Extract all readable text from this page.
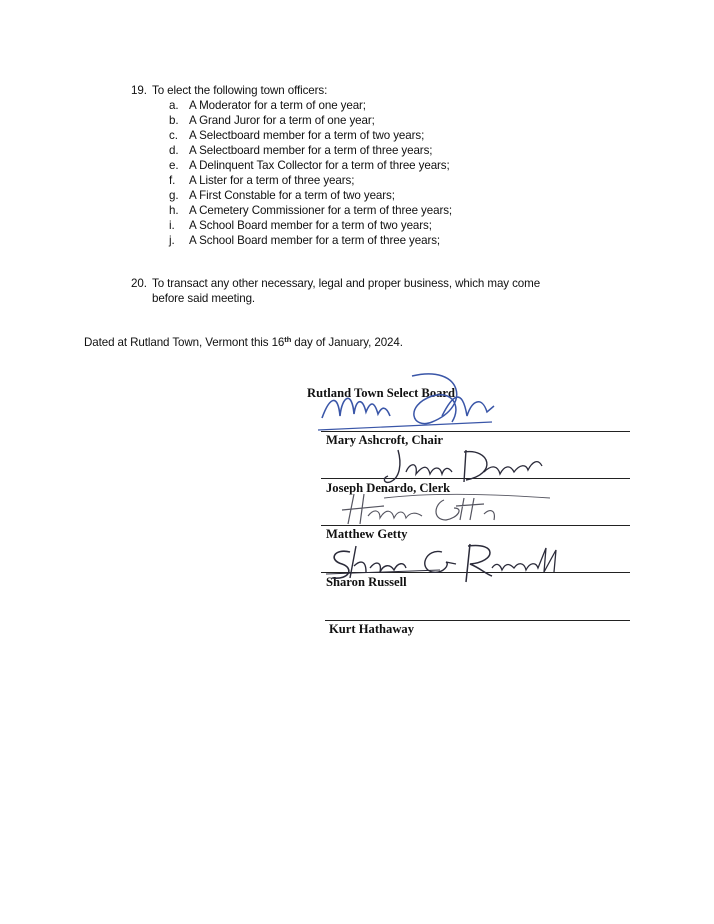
19. To elect the following town officers:
a. A Moderator for a term of one year;
b. A Grand Juror for a term of one year;
c. A Selectboard member for a term of two years;
d. A Selectboard member for a term of three years;
e. A Delinquent Tax Collector for a term of three years;
f. A Lister for a term of three years;
g. A First Constable for a term of two years;
h. A Cemetery Commissioner for a term of three years;
i. A School Board member for a term of two years;
j. A School Board member for a term of three years;
20. To transact any other necessary, legal and proper business, which may come
before said meeting.
Dated at Rutland Town, Vermont this 16th day of January, 2024.
Rutland Town Select Board
Mary Ashcroft, Chair
Joseph Denardo, Clerk
Matthew Getty
Sharon Russell
Kurt Hathaway
